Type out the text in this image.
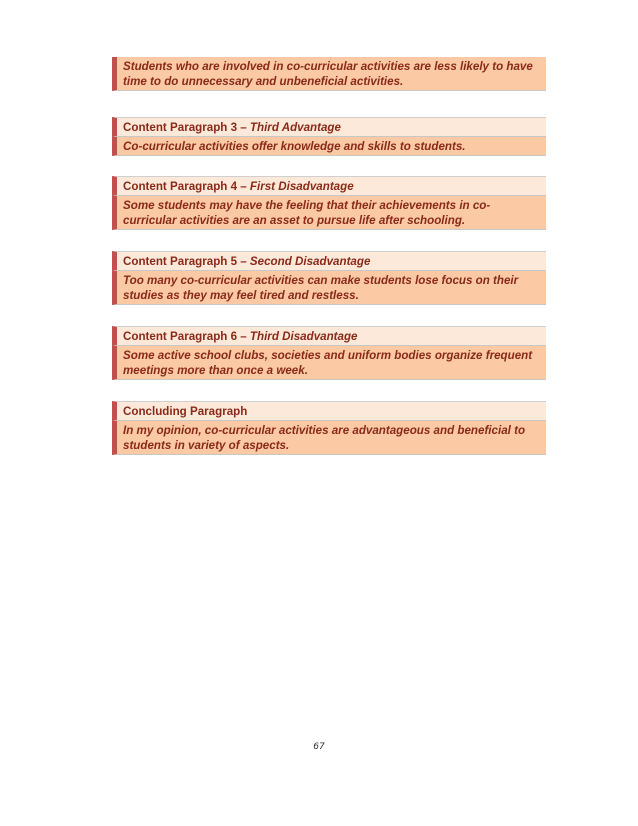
Students who are involved in co-curricular activities are less likely to have
time to do unnecessary and unbeneficial activities.
Content Paragraph 3 – Third Advantage
Co-curricular activities offer knowledge and skills to students.
Content Paragraph 4 – First Disadvantage
Some students may have the feeling that their achievements in co-
curricular activities are an asset to pursue life after schooling.
Content Paragraph 5 – Second Disadvantage
Too many co-curricular activities can make students lose focus on their
studies as they may feel tired and restless.
Content Paragraph 6 – Third Disadvantage
Some active school clubs, societies and uniform bodies organize frequent
meetings more than once a week.
Concluding Paragraph
In my opinion, co-curricular activities are advantageous and beneficial to
students in variety of aspects.
67
